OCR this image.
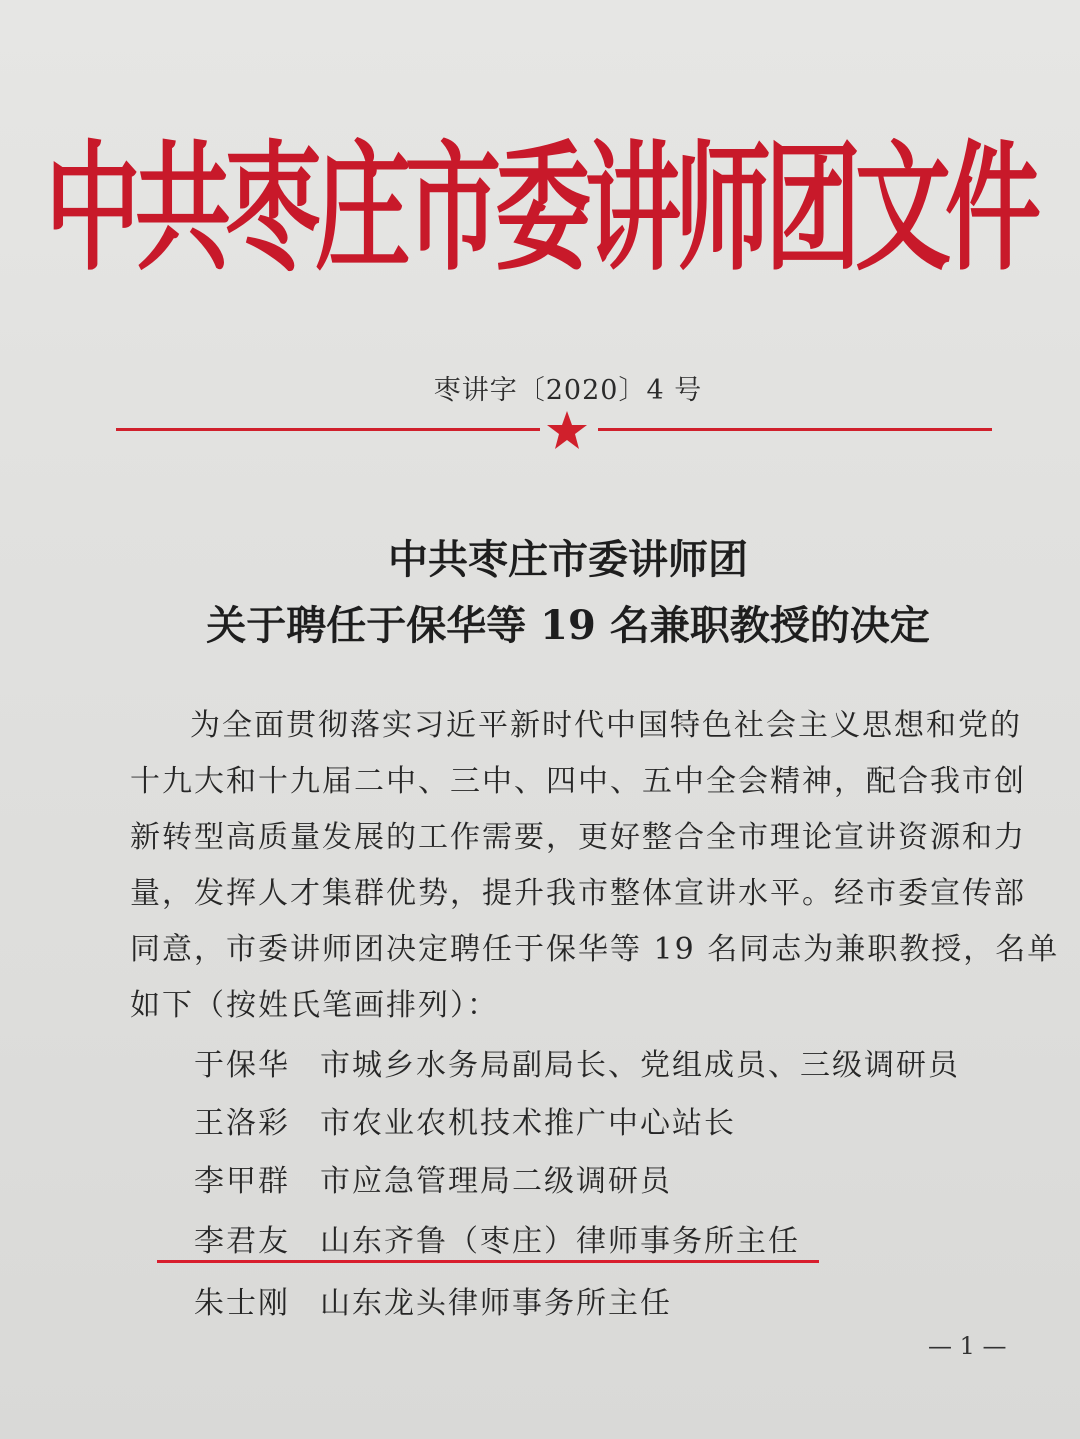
中共枣庄市委讲师团文件
枣讲字〔2020〕4 号
中共枣庄市委讲师团
关于聘任于保华等 19 名兼职教授的决定
为全面贯彻落实习近平新时代中国特色社会主义思想和党的
十九大和十九届二中、三中、四中、五中全会精神，配合我市创
新转型高质量发展的工作需要，更好整合全市理论宣讲资源和力
量，发挥人才集群优势，提升我市整体宣讲水平。经市委宣传部
同意，市委讲师团决定聘任于保华等 19 名同志为兼职教授，名单
如下（按姓氏笔画排列）：
于保华 市城乡水务局副局长、党组成员、三级调研员
王洛彩 市农业农机技术推广中心站长
李甲群 市应急管理局二级调研员
李君友 山东齐鲁（枣庄）律师事务所主任
朱士刚 山东龙头律师事务所主任
— 1 —
